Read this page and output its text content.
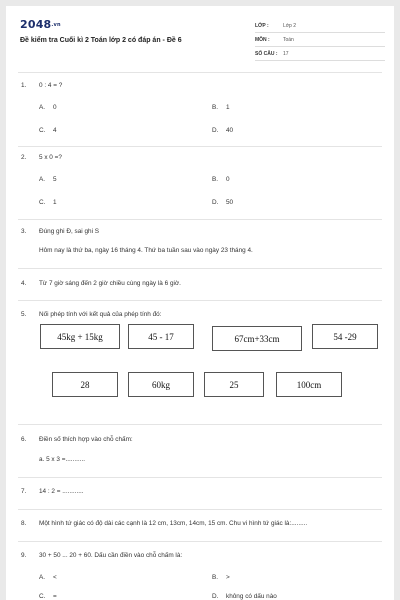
2048.vn
Đề kiểm tra Cuối kì 2 Toán lớp 2 có đáp án - Đề 6
LỚP :	Lớp 2
MÔN :	Toán
SỐ CÂU : 17
1. 0 : 4 = ?
A. 0	B. 1
C. 4	D. 40
2. 5 x 0 =?
A. 5	B. 0
C. 1	D. 50
3. Đúng ghi Đ, sai ghi S
Hôm nay là thứ ba, ngày 16 tháng 4. Thứ ba tuần sau vào ngày 23 tháng 4.
4. Từ 7 giờ sáng đến 2 giờ chiều cùng ngày là 6 giờ.
5. Nối phép tính với kết quả của phép tính đó:
45kg + 15kg	45 - 17	67cm+33cm	54 -29
28	60kg	25	100cm
6. Điền số thích hợp vào chỗ chấm:
a. 5 x 3 =...........
7. 14 : 2 = ............
8. Một hình tứ giác có độ dài các cạnh là 12 cm, 13cm, 14cm, 15 cm. Chu vi hình tứ giác là:.........
9. 30 + 50 ... 20 + 60. Dấu cần điền vào chỗ chấm là:
A. <	B. >
C. =	D. không có dấu nào
